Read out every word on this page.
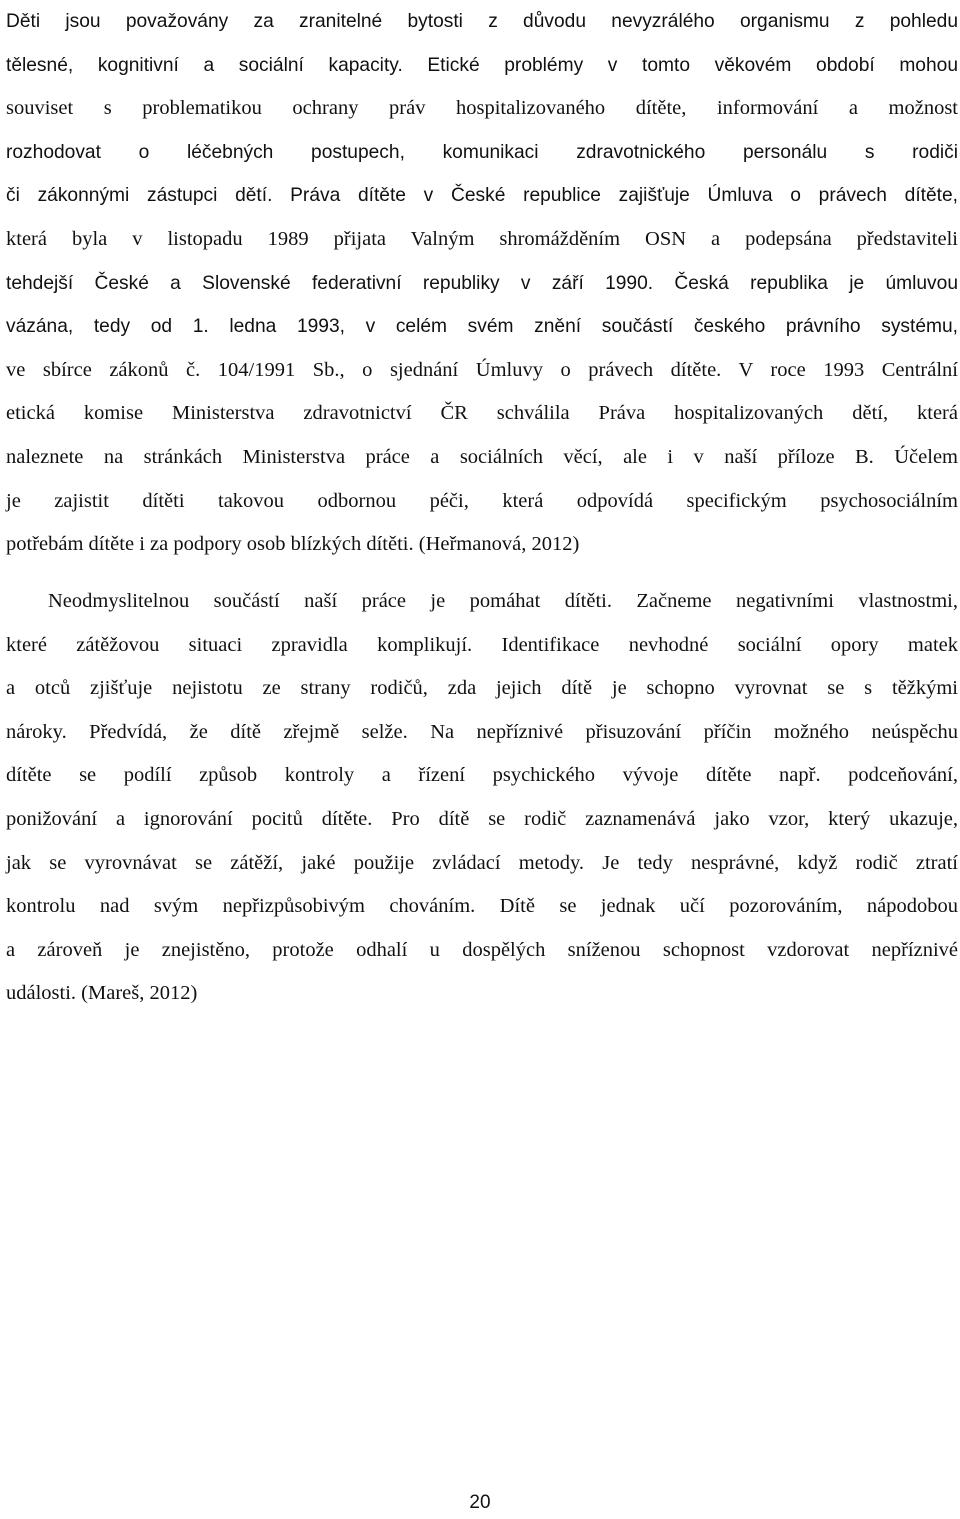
Děti jsou považovány za zranitelné bytosti z důvodu nevyzrálého organismu z pohledu
tělesné, kognitivní a sociální kapacity. Etické problémy v tomto věkovém období mohou
souviset s problematikou ochrany práv hospitalizovaného dítěte, informování a možnost
rozhodovat o léčebných postupech, komunikaci zdravotnického personálu s rodiči
či zákonnými zástupci dětí. Práva dítěte v České republice zajišťuje Úmluva o právech dítěte,
která byla v listopadu 1989 přijata Valným shromážděním OSN a podepsána představiteli
tehdejší České a Slovenské federativní republiky v září 1990. Česká republika je úmluvou
vázána, tedy od 1. ledna 1993, v celém svém znění součástí českého právního systému,
ve sbírce zákonů č. 104/1991 Sb., o sjednání Úmluvy o právech dítěte. V roce 1993 Centrální
etická komise Ministerstva zdravotnictví ČR schválila Práva hospitalizovaných dětí, která
naleznete na stránkách Ministerstva práce a sociálních věcí, ale i v naší příloze B. Účelem
je zajistit dítěti takovou odbornou péči, která odpovídá specifickým psychosociálním
potřebám dítěte i za podpory osob blízkých dítěti. (Heřmanová, 2012)
Neodmyslitelnou součástí naší práce je pomáhat dítěti. Začneme negativními vlastnostmi,
které zátěžovou situaci zpravidla komplikují. Identifikace nevhodné sociální opory matek
a otců zjišťuje nejistotu ze strany rodičů, zda jejich dítě je schopno vyrovnat se s těžkými
nároky. Předvídá, že dítě zřejmě selže. Na nepříznivé přisuzování příčin možného neúspěchu
dítěte se podílí způsob kontroly a řízení psychického vývoje dítěte např. podceňování,
ponižování a ignorování pocitů dítěte. Pro dítě se rodič zaznamenává jako vzor, který ukazuje,
jak se vyrovnávat se zátěží, jaké použije zvládací metody. Je tedy nesprávné, když rodič ztratí
kontrolu nad svým nepřizpůsobivým chováním. Dítě se jednak učí pozorováním, nápodobou
a zároveň je znejistěno, protože odhalí u dospělých sníženou schopnost vzdorovat nepříznivé
události. (Mareš, 2012)
20
